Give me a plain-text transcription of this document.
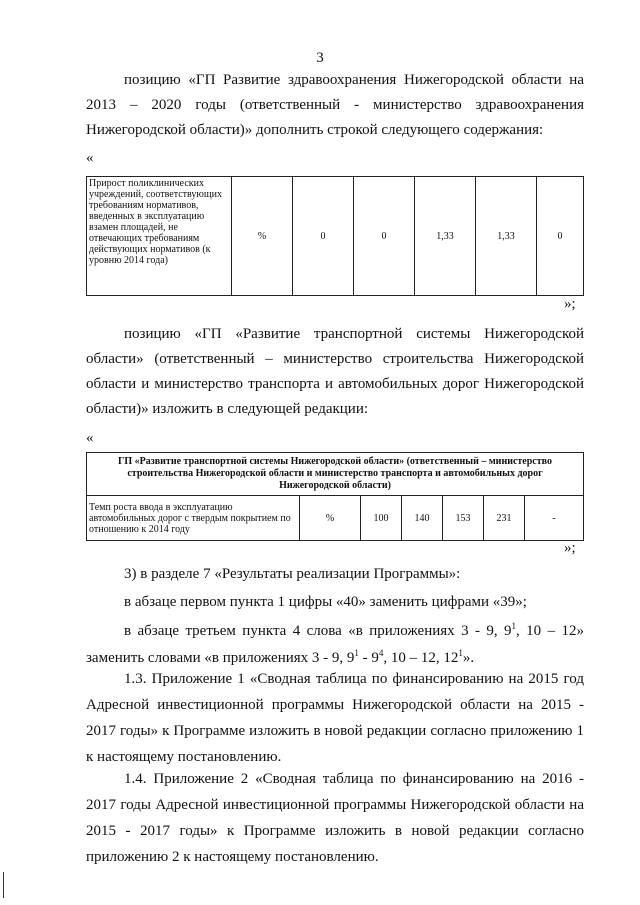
3

позицию «ГП Развитие здравоохранения Нижегородской области на 2013 – 2020 годы (ответственный - министерство здравоохранения Нижегородской области)» дополнить строкой следующего содержания:

«
Прирост поликлинических учреждений, соответствующих требованиям нормативов, введенных в эксплуатацию взамен площадей, не отвечающих требованиям действующих нормативов (к уровню 2014 года)	%	0	0	1,33	1,33	0
»;

позицию «ГП «Развитие транспортной системы Нижегородской области» (ответственный – министерство строительства Нижегородской области и министерство транспорта и автомобильных дорог Нижегородской области)» изложить в следующей редакции:

«
ГП «Развитие транспортной системы Нижегородской области» (ответственный – министерство строительства Нижегородской области и министерство транспорта и автомобильных дорог Нижегородской области)
Темп роста ввода в эксплуатацию автомобильных дорог с твердым покрытием по отношению к 2014 году	%	100	140	153	231	-
»;

3) в разделе 7 «Результаты реализации Программы»:

в абзаце первом пункта 1 цифры «40» заменить цифрами «39»;

в абзаце третьем пункта 4 слова «в приложениях 3 - 9, $9^1$, 10 – 12» заменить словами «в приложениях 3 - 9, $9^1 - 9^4$, 10 – 12, $12^1$».

1.3. Приложение 1 «Сводная таблица по финансированию на 2015 год Адресной инвестиционной программы Нижегородской области на 2015 - 2017 годы» к Программе изложить в новой редакции согласно приложению 1 к настоящему постановлению.

1.4. Приложение 2 «Сводная таблица по финансированию на 2016 - 2017 годы Адресной инвестиционной программы Нижегородской области на 2015 - 2017 годы» к Программе изложить в новой редакции согласно приложению 2 к настоящему постановлению.
